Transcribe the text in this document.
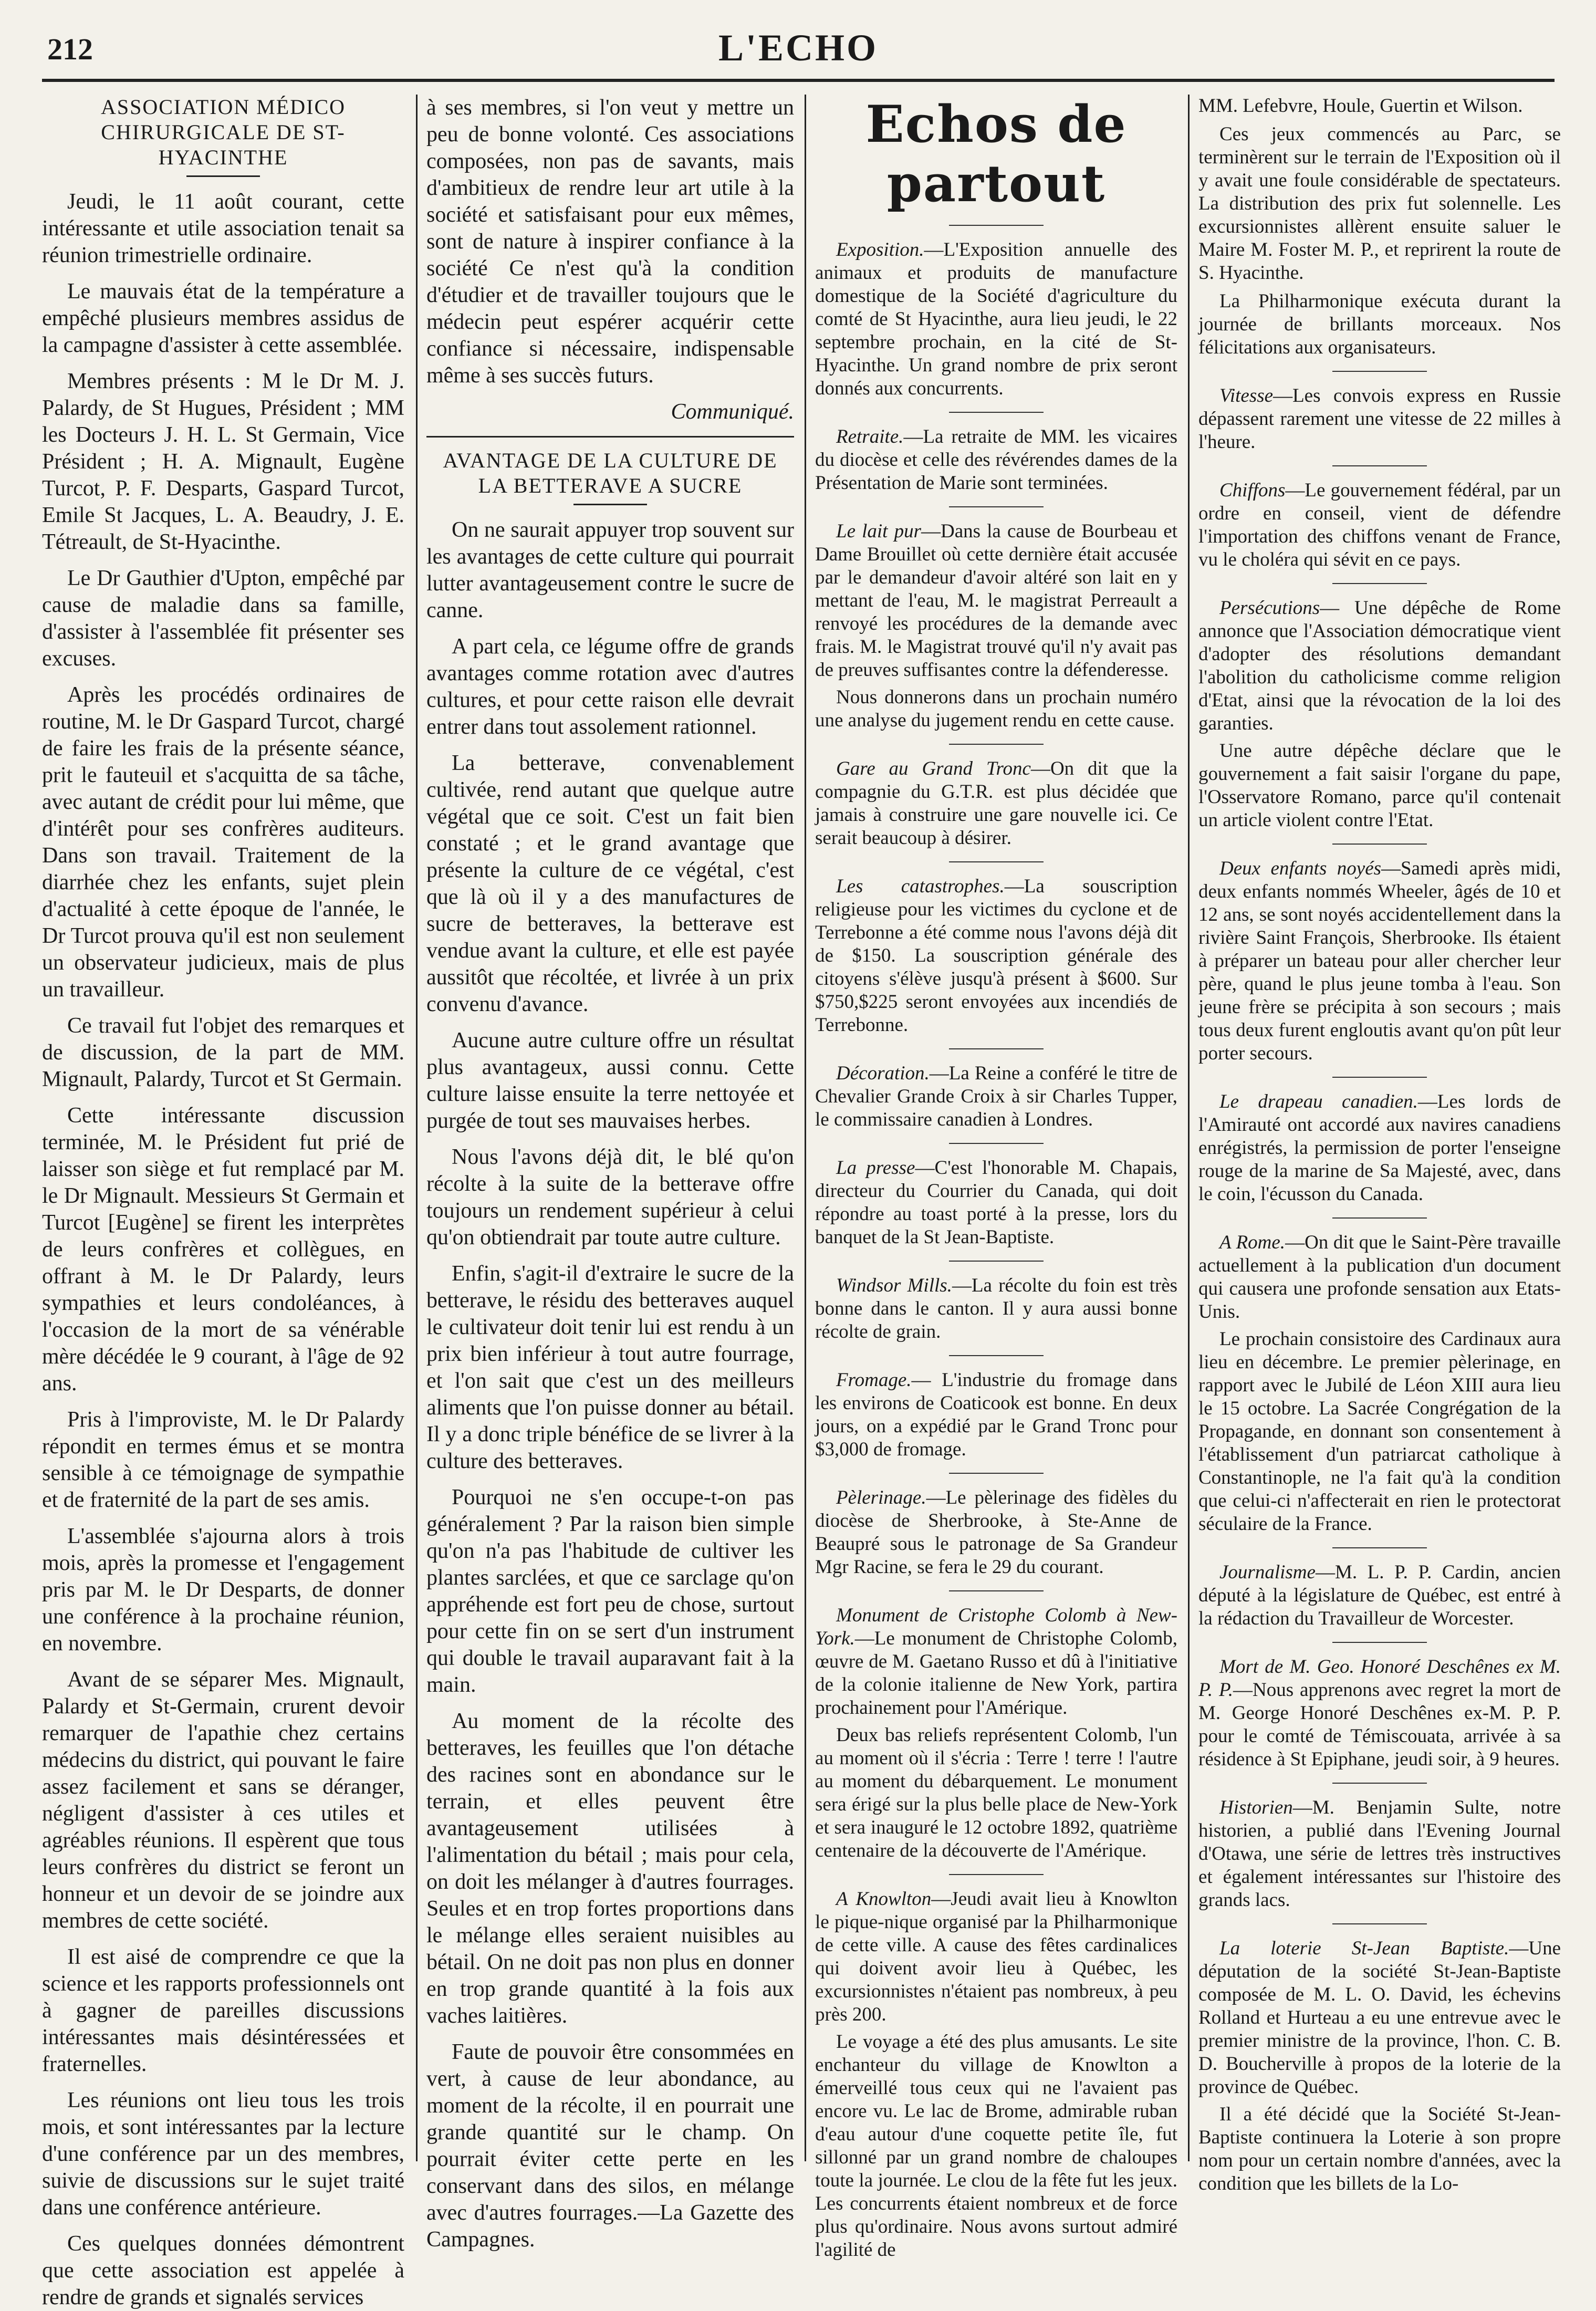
212	L'ECHO
ASSOCIATION MÉDICO CHIRURGICALE DE ST-HYACINTHE

Jeudi, le 11 août courant, cette intéressante et utile association tenait sa réunion trimestrielle ordinaire.

Le mauvais état de la température a empêché plusieurs membres assidus de la campagne d'assister à cette assemblée.

Membres présents : M le Dr M. J. Palardy, de St Hugues, Président ; MM les Docteurs J. H. L. St Germain, Vice Président ; H. A. Mignault, Eugène Turcot, P. F. Desparts, Gaspard Turcot, Emile St Jacques, L. A. Beaudry, J. E. Tétreault, de St-Hyacinthe.

Le Dr Gauthier d'Upton, empêché par cause de maladie dans sa famille, d'assister à l'assemblée fit présenter ses excuses.

Après les procédés ordinaires de routine, M. le Dr Gaspard Turcot, chargé de faire les frais de la présente séance, prit le fauteuil et s'acquitta de sa tâche, avec autant de crédit pour lui même, que d'intérêt pour ses confrères auditeurs. Dans son travail. Traitement de la diarrhée chez les enfants, sujet plein d'actualité à cette époque de l'année, le Dr Turcot prouva qu'il est non seulement un observateur judicieux, mais de plus un travailleur.

Ce travail fut l'objet des remarques et de discussion, de la part de MM. Mignault, Palardy, Turcot et St Germain.

Cette intéressante discussion terminée, M. le Président fut prié de laisser son siège et fut remplacé par M. le Dr Mignault. Messieurs St Germain et Turcot [Eugène] se firent les interprètes de leurs confrères et collègues, en offrant à M. le Dr Palardy, leurs sympathies et leurs condoléances, à l'occasion de la mort de sa vénérable mère décédée le 9 courant, à l'âge de 92 ans.

Pris à l'improviste, M. le Dr Palardy répondit en termes émus et se montra sensible à ce témoignage de sympathie et de fraternité de la part de ses amis.

L'assemblée s'ajourna alors à trois mois, après la promesse et l'engagement pris par M. le Dr Desparts, de donner une conférence à la prochaine réunion, en novembre.

Avant de se séparer Mes. Mignault, Palardy et St-Germain, crurent devoir remarquer de l'apathie chez certains médecins du district, qui pouvant le faire assez facilement et sans se déranger, négligent d'assister à ces utiles et agréables réunions. Il espèrent que tous leurs confrères du district se feront un honneur et un devoir de se joindre aux membres de cette société.

Il est aisé de comprendre ce que la science et les rapports professionnels ont à gagner de pareilles discussions intéressantes mais désintéressées et fraternelles.

Les réunions ont lieu tous les trois mois, et sont intéressantes par la lecture d'une conférence par un des membres, suivie de discussions sur le sujet traité dans une conférence antérieure.

Ces quelques données démontrent que cette association est appelée à rendre de grands et signalés services

à ses membres, si l'on veut y mettre un peu de bonne volonté. Ces associations composées, non pas de savants, mais d'ambitieux de rendre leur art utile à la société et satisfaisant pour eux mêmes, sont de nature à inspirer confiance à la société Ce n'est qu'à la condition d'étudier et de travailler toujours que le médecin peut espérer acquérir cette confiance si nécessaire, indispensable même à ses succès futurs.

Communiqué.

AVANTAGE DE LA CULTURE DE LA BETTERAVE A SUCRE

On ne saurait appuyer trop souvent sur les avantages de cette culture qui pourrait lutter avantageusement contre le sucre de canne.

A part cela, ce légume offre de grands avantages comme rotation avec d'autres cultures, et pour cette raison elle devrait entrer dans tout assolement rationnel.

La betterave, convenablement cultivée, rend autant que quelque autre végétal que ce soit. C'est un fait bien constaté ; et le grand avantage que présente la culture de ce végétal, c'est que là où il y a des manufactures de sucre de betteraves, la betterave est vendue avant la culture, et elle est payée aussitôt que récoltée, et livrée à un prix convenu d'avance.

Aucune autre culture offre un résultat plus avantageux, aussi connu. Cette culture laisse ensuite la terre nettoyée et purgée de tout ses mauvaises herbes.

Nous l'avons déjà dit, le blé qu'on récolte à la suite de la betterave offre toujours un rendement supérieur à celui qu'on obtiendrait par toute autre culture.

Enfin, s'agit-il d'extraire le sucre de la betterave, le résidu des betteraves auquel le cultivateur doit tenir lui est rendu à un prix bien inférieur à tout autre fourrage, et l'on sait que c'est un des meilleurs aliments que l'on puisse donner au bétail. Il y a donc triple bénéfice de se livrer à la culture des betteraves.

Pourquoi ne s'en occupe-t-on pas généralement ? Par la raison bien simple qu'on n'a pas l'habitude de cultiver les plantes sarclées, et que ce sarclage qu'on appréhende est fort peu de chose, surtout pour cette fin on se sert d'un instrument qui double le travail auparavant fait à la main.

Au moment de la récolte des betteraves, les feuilles que l'on détache des racines sont en abondance sur le terrain, et elles peuvent être avantageusement utilisées à l'alimentation du bétail ; mais pour cela, on doit les mélanger à d'autres fourrages. Seules et en trop fortes proportions dans le mélange elles seraient nuisibles au bétail. On ne doit pas non plus en donner en trop grande quantité à la fois aux vaches laitières.

Faute de pouvoir être consommées en vert, à cause de leur abondance, au moment de la récolte, il en pourrait une grande quantité sur le champ. On pourrait éviter cette perte en les conservant dans des silos, en mélange avec d'autres fourrages.—La Gazette des Campagnes.

Echos de partout

Exposition.—L'Exposition annuelle des animaux et produits de manufacture domestique de la Société d'agriculture du comté de St Hyacinthe, aura lieu jeudi, le 22 septembre prochain, en la cité de St-Hyacinthe. Un grand nombre de prix seront donnés aux concurrents.

Retraite.—La retraite de MM. les vicaires du diocèse et celle des révérendes dames de la Présentation de Marie sont terminées.

Le lait pur—Dans la cause de Bourbeau et Dame Brouillet où cette dernière était accusée par le demandeur d'avoir altéré son lait en y mettant de l'eau, M. le magistrat Perreault a renvoyé les procédures de la demande avec frais. M. le Magistrat trouvé qu'il n'y avait pas de preuves suffisantes contre la défenderesse.

Nous donnerons dans un prochain numéro une analyse du jugement rendu en cette cause.

Gare au Grand Tronc—On dit que la compagnie du G.T.R. est plus décidée que jamais à construire une gare nouvelle ici. Ce serait beaucoup à désirer.

Les catastrophes.—La souscription religieuse pour les victimes du cyclone et de Terrebonne a été comme nous l'avons déjà dit de $150. La souscription générale des citoyens s'élève jusqu'à présent à $600. Sur $750,$225 seront envoyées aux incendiés de Terrebonne.

Décoration.—La Reine a conféré le titre de Chevalier Grande Croix à sir Charles Tupper, le commissaire canadien à Londres.

La presse—C'est l'honorable M. Chapais, directeur du Courrier du Canada, qui doit répondre au toast porté à la presse, lors du banquet de la St Jean-Baptiste.

Windsor Mills.—La récolte du foin est très bonne dans le canton. Il y aura aussi bonne récolte de grain.

Fromage.— L'industrie du fromage dans les environs de Coaticook est bonne. En deux jours, on a expédié par le Grand Tronc pour $3,000 de fromage.

Pèlerinage.—Le pèlerinage des fidèles du diocèse de Sherbrooke, à Ste-Anne de Beaupré sous le patronage de Sa Grandeur Mgr Racine, se fera le 29 du courant.

Monument de Cristophe Colomb à New-York.—Le monument de Christophe Colomb, œuvre de M. Gaetano Russo et dû à l'initiative de la colonie italienne de New York, partira prochainement pour l'Amérique.

Deux bas reliefs représentent Colomb, l'un au moment où il s'écria : Terre ! terre ! l'autre au moment du débarquement. Le monument sera érigé sur la plus belle place de New-York et sera inauguré le 12 octobre 1892, quatrième centenaire de la découverte de l'Amérique.

A Knowlton—Jeudi avait lieu à Knowlton le pique-nique organisé par la Philharmonique de cette ville. A cause des fêtes cardinalices qui doivent avoir lieu à Québec, les excursionnistes n'étaient pas nombreux, à peu près 200.

Le voyage a été des plus amusants. Le site enchanteur du village de Knowlton a émerveillé tous ceux qui ne l'avaient pas encore vu. Le lac de Brome, admirable ruban d'eau autour d'une coquette petite île, fut sillonné par un grand nombre de chaloupes toute la journée. Le clou de la fête fut les jeux. Les concurrents étaient nombreux et de force plus qu'ordinaire. Nous avons surtout admiré l'agilité de

MM. Lefebvre, Houle, Guertin et Wilson.

Ces jeux commencés au Parc, se terminèrent sur le terrain de l'Exposition où il y avait une foule considérable de spectateurs. La distribution des prix fut solennelle. Les excursionnistes allèrent ensuite saluer le Maire M. Foster M. P., et reprirent la route de S. Hyacinthe.

La Philharmonique exécuta durant la journée de brillants morceaux. Nos félicitations aux organisateurs.

Vitesse—Les convois express en Russie dépassent rarement une vitesse de 22 milles à l'heure.

Chiffons—Le gouvernement fédéral, par un ordre en conseil, vient de défendre l'importation des chiffons venant de France, vu le choléra qui sévit en ce pays.

Persécutions— Une dépêche de Rome annonce que l'Association démocratique vient d'adopter des résolutions demandant l'abolition du catholicisme comme religion d'Etat, ainsi que la révocation de la loi des garanties.

Une autre dépêche déclare que le gouvernement a fait saisir l'organe du pape, l'Osservatore Romano, parce qu'il contenait un article violent contre l'Etat.

Deux enfants noyés—Samedi après midi, deux enfants nommés Wheeler, âgés de 10 et 12 ans, se sont noyés accidentellement dans la rivière Saint François, Sherbrooke. Ils étaient à préparer un bateau pour aller chercher leur père, quand le plus jeune tomba à l'eau. Son jeune frère se précipita à son secours ; mais tous deux furent engloutis avant qu'on pût leur porter secours.

Le drapeau canadien.—Les lords de l'Amirauté ont accordé aux navires canadiens enrégistrés, la permission de porter l'enseigne rouge de la marine de Sa Majesté, avec, dans le coin, l'écusson du Canada.

A Rome.—On dit que le Saint-Père travaille actuellement à la publication d'un document qui causera une profonde sensation aux Etats-Unis.

Le prochain consistoire des Cardinaux aura lieu en décembre. Le premier pèlerinage, en rapport avec le Jubilé de Léon XIII aura lieu le 15 octobre. La Sacrée Congrégation de la Propagande, en donnant son consentement à l'établissement d'un patriarcat catholique à Constantinople, ne l'a fait qu'à la condition que celui-ci n'affecterait en rien le protectorat séculaire de la France.

Journalisme—M. L. P. P. Cardin, ancien député à la législature de Québec, est entré à la rédaction du Travailleur de Worcester.

Mort de M. Geo. Honoré Deschênes ex M. P. P.—Nous apprenons avec regret la mort de M. George Honoré Deschênes ex-M. P. P. pour le comté de Témiscouata, arrivée à sa résidence à St Epiphane, jeudi soir, à 9 heures.

Historien—M. Benjamin Sulte, notre historien, a publié dans l'Evening Journal d'Otawa, une série de lettres très instructives et également intéressantes sur l'histoire des grands lacs.

La loterie St-Jean Baptiste.—Une députation de la société St-Jean-Baptiste composée de M. L. O. David, les échevins Rolland et Hurteau a eu une entrevue avec le premier ministre de la province, l'hon. C. B. D. Boucherville à propos de la loterie de la province de Québec.

Il a été décidé que la Société St-Jean-Baptiste continuera la Loterie à son propre nom pour un certain nombre d'années, avec la condition que les billets de la Lo-
